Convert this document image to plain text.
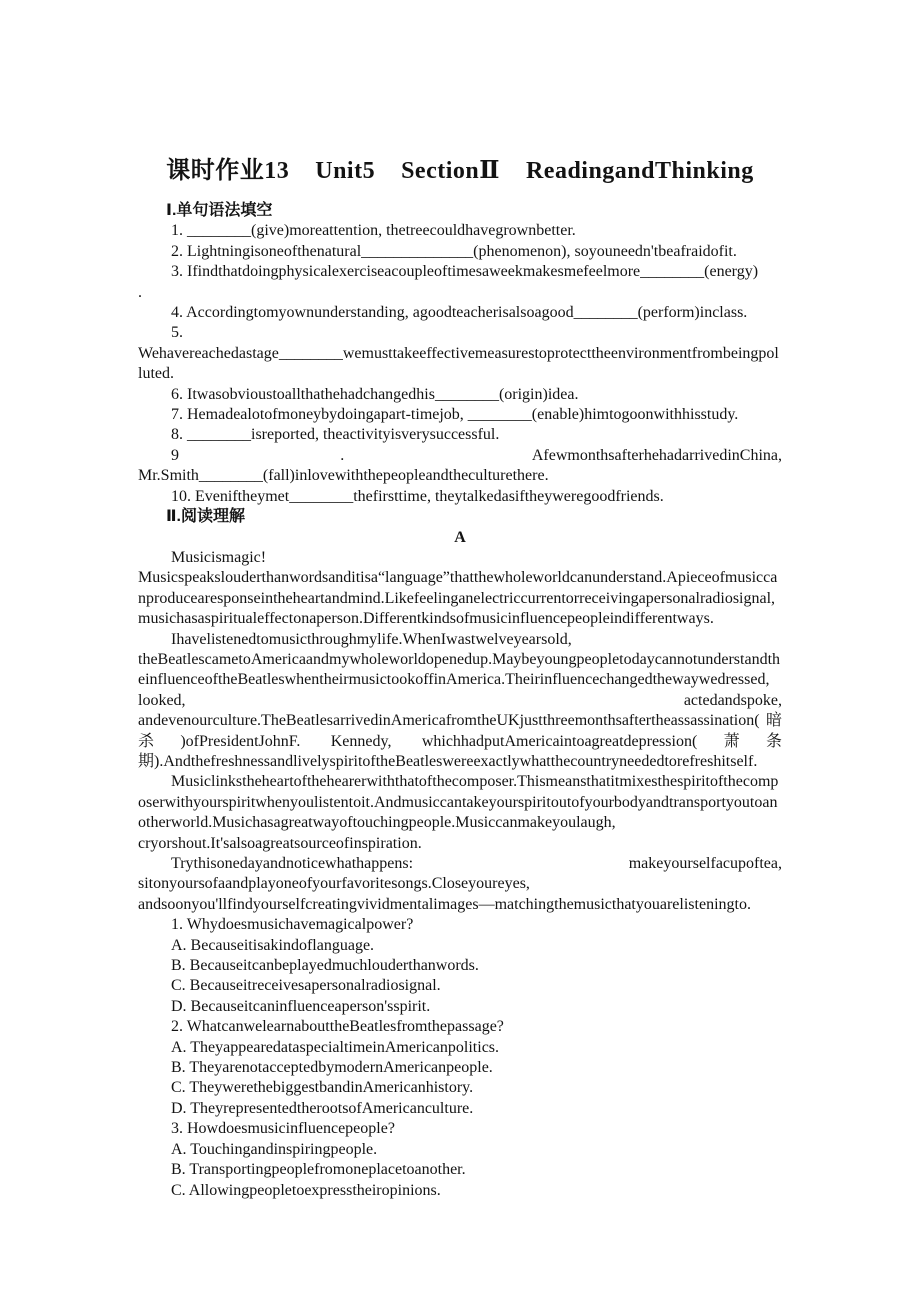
课时作业13    Unit5    SectionⅡ    ReadingandThinking
Ⅰ.单句语法填空

1. ________(give)moreattention, thetreecouldhavegrownbetter.

2. Lightningisoneofthenatural______________(phenomenon), soyouneedn'tbeafraidofit.

3. Ifindthatdoingphysicalexerciseacoupleoftimesaweekmakesmefeelmore________(energy)

.

4. Accordingtomyownunderstanding, agoodteacherisalsoagood________(perform)inclass.

5. Wehavereachedastage________wemusttakeeffectivemeasurestoprotecttheenvironmentfrombeingpolluted.

6. Itwasobvioustoallthathehadchangedhis________(origin)idea.

7. Hemadealotofmoneybydoingapart-timejob, ________(enable)himtogoonwithhisstudy.

8. ________isreported, theactivityisverysuccessful.

9	.	AfewmonthsafterhehadarrivedinChina,

Mr.Smith________(fall)inlovewiththepeopleandtheculturethere.

10. Eveniftheymet________thefirsttime, theytalkedasiftheyweregoodfriends.

Ⅱ.阅读理解

A

Musicismagic! Musicspeakslouderthanwordsanditisa“language”thatthewholeworldcanunderstand.Apieceofmusiccanproducearesponseintheheartandmind.Likefeelinganelectriccurrentorreceivingapersonalradiosignal, musichasaspiritualeffectonaperson.Differentkindsofmusicinfluencepeopleindifferentways.

Ihavelistenedtomusicthroughmylife.WhenIwastwelveyearsold, theBeatlescametoAmericaandmywholeworldopenedup.MaybeyoungpeopletodaycannotunderstandtheinfluenceoftheBeatleswhentheirmusictookoffinAmerica.Theirinfluencechangedthewaywedressed, looked, actedandspoke, andevenourculture.TheBeatlesarrivedinAmericafromtheUKjustthreemonthsaftertheassassination(暗杀)ofPresidentJohnF. Kennedy, whichhadputAmericaintoagreatdepression(萧条期).AndthefreshnessandlivelyspiritoftheBeatleswereexactlywhatthecountryneededtorefreshitself.

Musiclinkstheheartofthehearerwiththatofthecomposer.Thismeansthatitmixesthespiritofthecomposerwithyourspiritwhenyoulistentoit.Andmusiccantakeyourspiritoutofyourbodyandtransportyoutoanotherworld.Musichasagreatwayoftouchingpeople.Musiccanmakeyoulaugh, cryorshout.It'salsoagreatsourceofinspiration.

Trythisonedayandnoticewhathappens: makeyourselfacupoftea, sitonyoursofaandplayoneofyourfavoritesongs.Closeyoureyes, andsoonyou'llfindyourselfcreatingvividmentalimages—matchingthemusicthatyouarelisteningto.

1. Whydoesmusichavemagicalpower?

A. Becauseitisakindoflanguage.

B. Becauseitcanbeplayedmuchlouderthanwords.

C. Becauseitreceivesapersonalradiosignal.

D. Becauseitcaninfluenceaperson'sspirit.

2. WhatcanwelearnabouttheBeatlesfromthepassage?

A. TheyappearedataspecialtimeinAmericanpolitics.

B. TheyarenotacceptedbymodernAmericanpeople.

C. TheywerethebiggestbandinAmericanhistory.

D. TheyrepresentedtherootsofAmericanculture.

3. Howdoesmusicinfluencepeople?

A. Touchingandinspiringpeople.

B. Transportingpeoplefromoneplacetoanother.

C. Allowingpeopletoexpresstheiropinions.
